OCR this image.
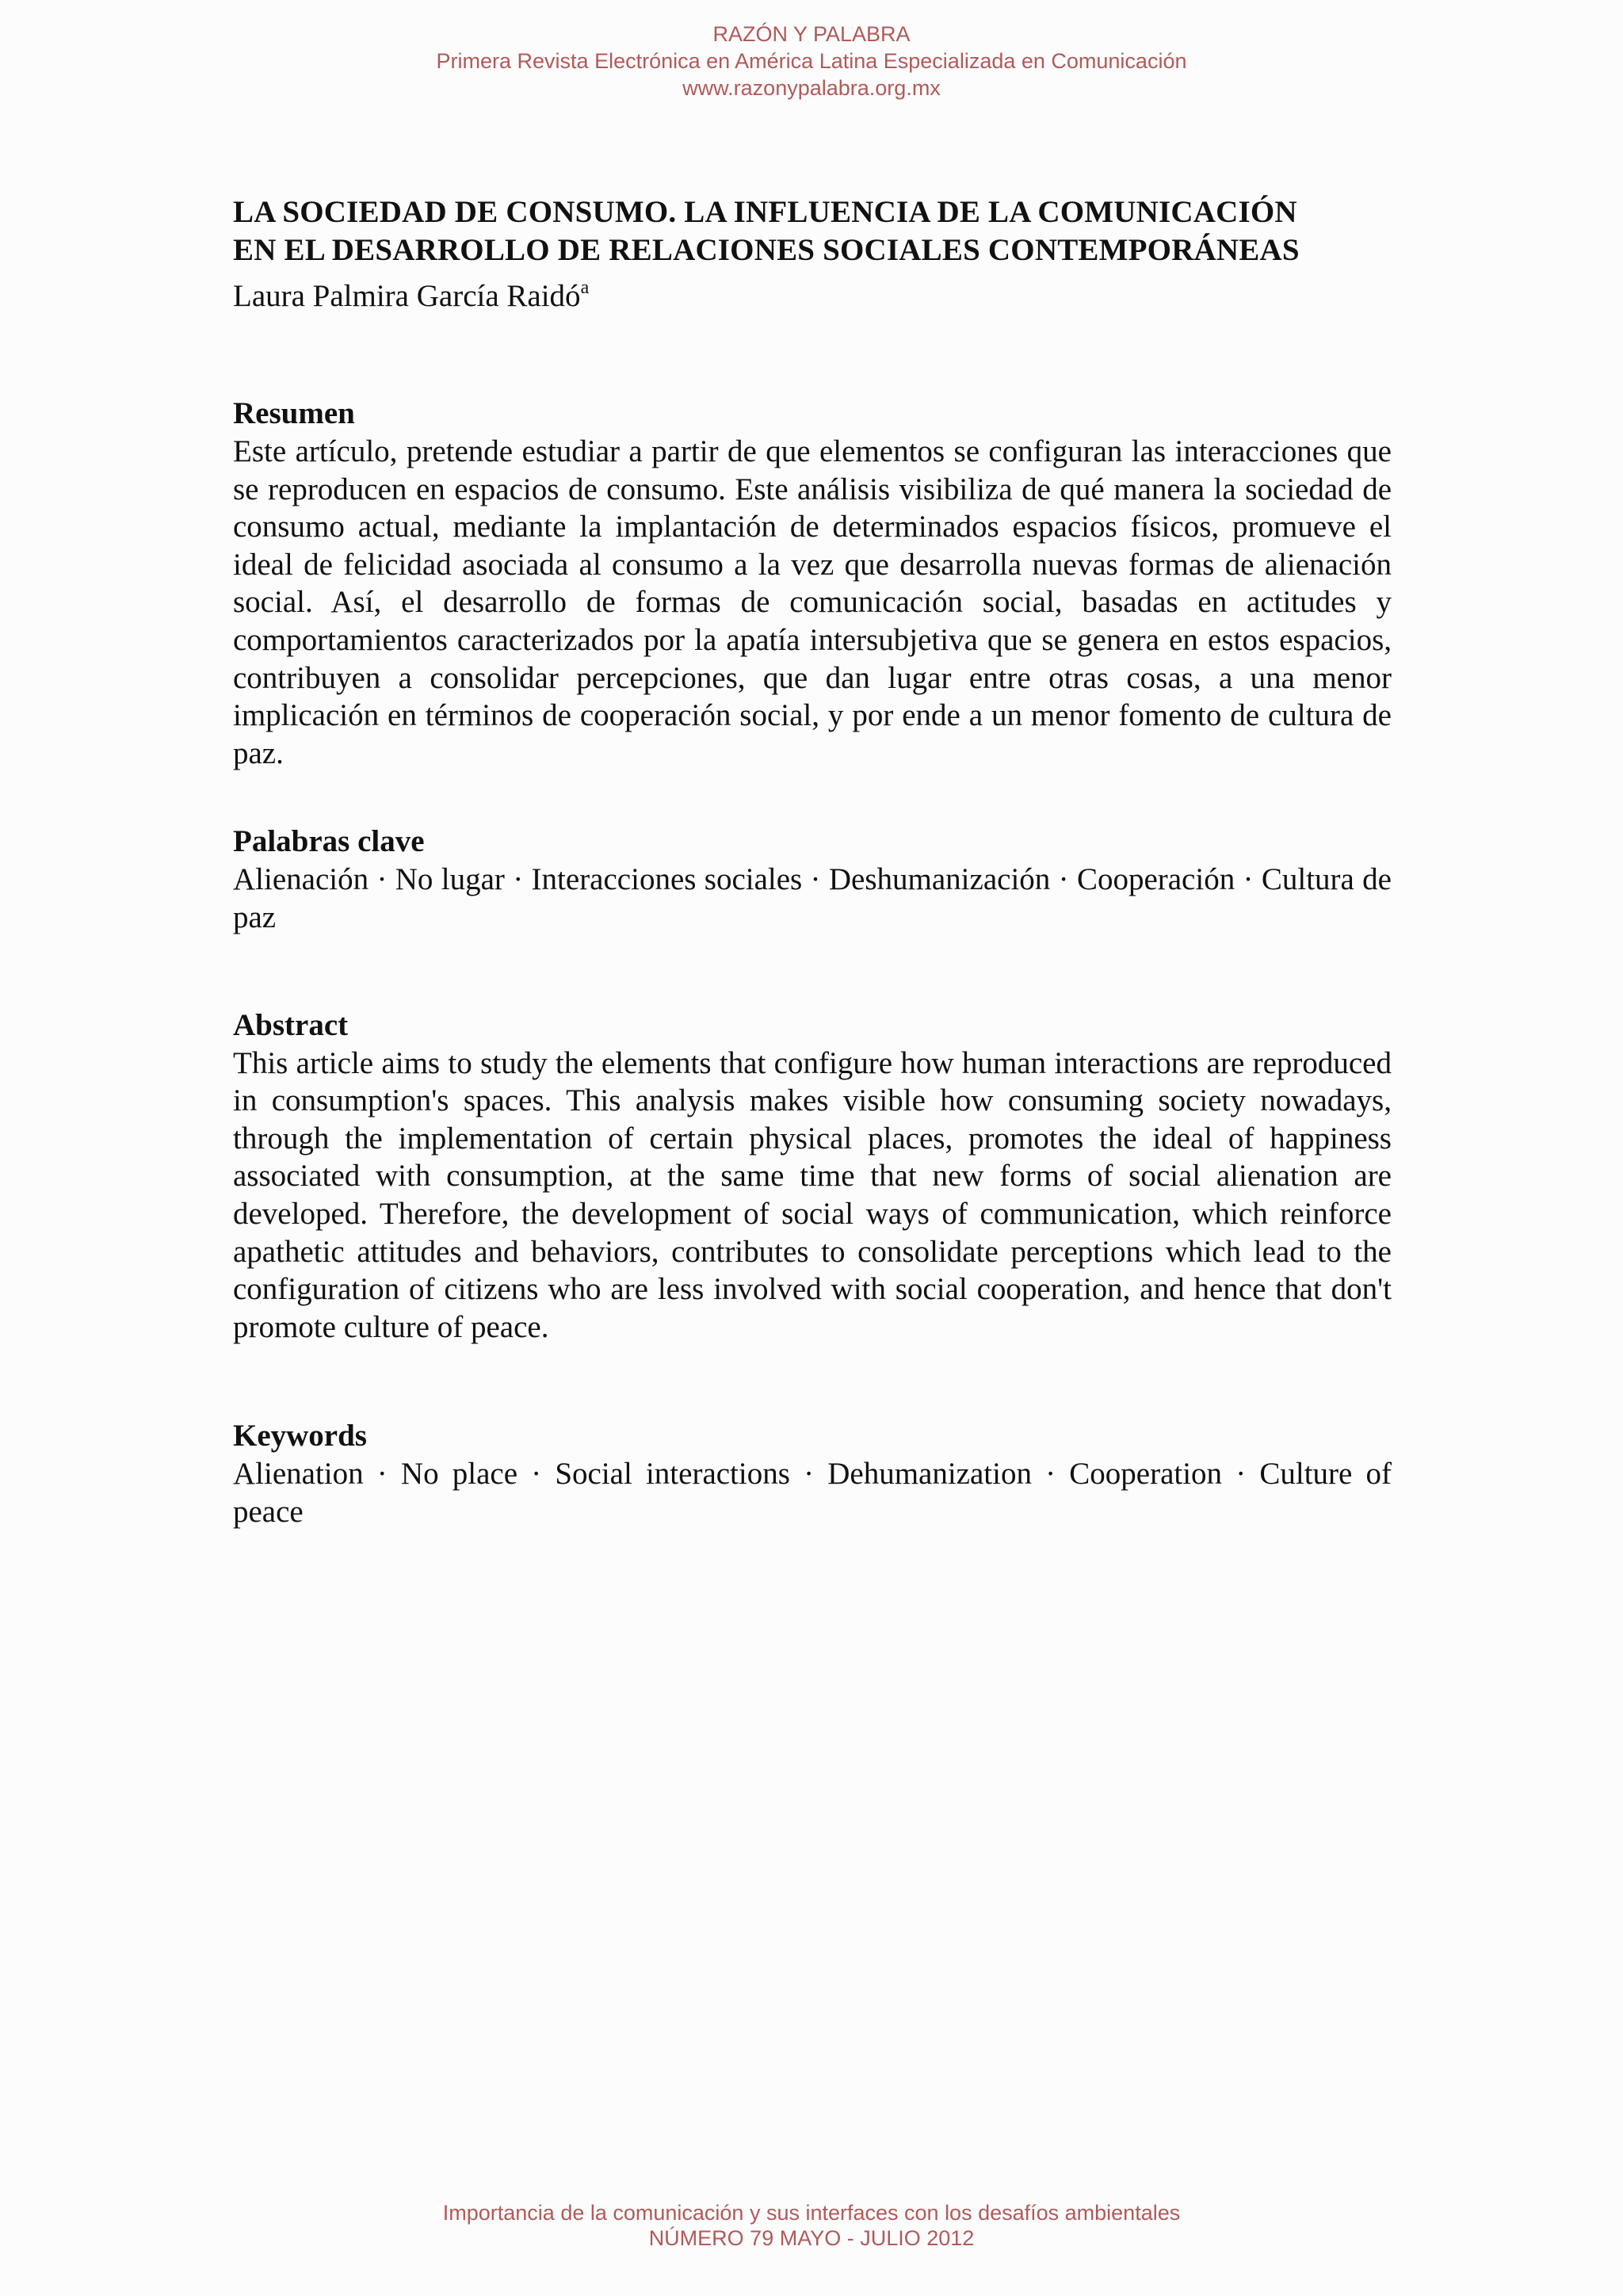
RAZÓN Y PALABRA
Primera Revista Electrónica en América Latina Especializada en Comunicación
www.razonypalabra.org.mx
LA SOCIEDAD DE CONSUMO. LA INFLUENCIA DE LA COMUNICACIÓN
EN EL DESARROLLO DE RELACIONES SOCIALES CONTEMPORÁNEAS
Laura Palmira García Raidó$^a$
Resumen

Este artículo, pretende estudiar a partir de que elementos se configuran las interacciones que se reproducen en espacios de consumo. Este análisis visibiliza de qué manera la sociedad de consumo actual, mediante la implantación de determinados espacios físicos, promueve el ideal de felicidad asociada al consumo a la vez que desarrolla nuevas formas de alienación social. Así, el desarrollo de formas de comunicación social, basadas en actitudes y comportamientos caracterizados por la apatía intersubjetiva que se genera en estos espacios, contribuyen a consolidar percepciones, que dan lugar entre otras cosas, a una menor implicación en términos de cooperación social, y por ende a un menor fomento de cultura de paz.

Palabras clave

Alienación · No lugar · Interacciones sociales · Deshumanización · Cooperación · Cultura de paz

Abstract

This article aims to study the elements that configure how human interactions are reproduced in consumption's spaces. This analysis makes visible how consuming society nowadays, through the implementation of certain physical places, promotes the ideal of happiness associated with consumption, at the same time that new forms of social alienation are developed. Therefore, the development of social ways of communication, which reinforce apathetic attitudes and behaviors, contributes to consolidate perceptions which lead to the configuration of citizens who are less involved with social cooperation, and hence that don't promote culture of peace.

Keywords

Alienation · No place · Social interactions · Dehumanization · Cooperation · Culture of peace

Importancia de la comunicación y sus interfaces con los desafíos ambientales
NÚMERO 79 MAYO - JULIO 2012
